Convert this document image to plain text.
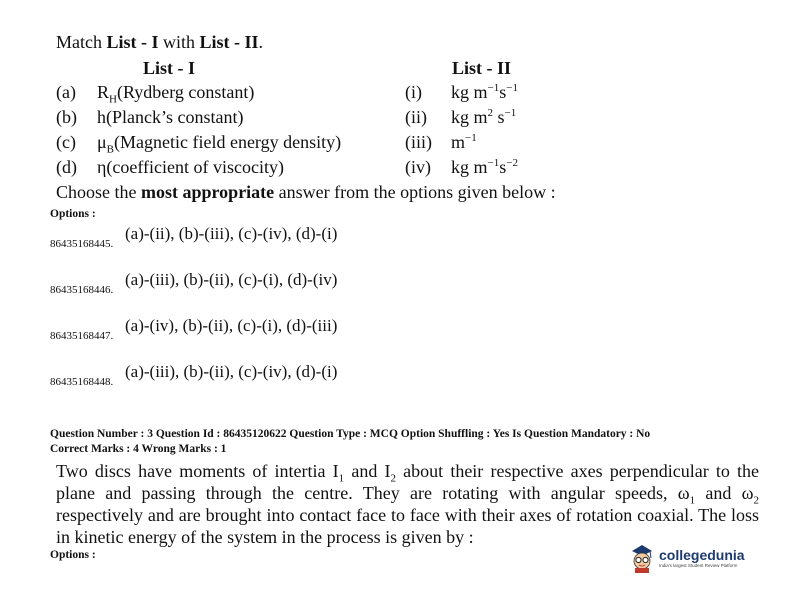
Match List - I with List - II.
List - I	List - II
(a) $R_H(Rydberg$ constant)	(i) kg $m^{-1}s^{-1}$
(b) h(Planck’s constant)	(ii) kg $m^2$ $s^{-1}$
(c) $\mu_B(Magnetic$ field energy density)	(iii) $m^{-1}$
(d) η(coefficient of viscocity)	(iv) kg $m^{-1}s^{-2}$
Choose the most appropriate answer from the options given below :
Options :
86435168445.
(a)-(ii), (b)-(iii), (c)-(iv), (d)-(i)
86435168446.
(a)-(iii), (b)-(ii), (c)-(i), (d)-(iv)
86435168447.
(a)-(iv), (b)-(ii), (c)-(i), (d)-(iii)
86435168448.
(a)-(iii), (b)-(ii), (c)-(iv), (d)-(i)
Question Number : 3 Question Id : 86435120622 Question Type : MCQ Option Shuffling : Yes Is Question Mandatory : No
Correct Marks : 4 Wrong Marks : 1
Two discs have moments of intertia $I_1$ and $I_2$ about their respective axes perpendicular to the plane and passing through the centre. They are rotating with angular speeds, $\omega_1$ and $\omega_2$ respectively and are brought into contact face to face with their axes of rotation coaxial. The loss in kinetic energy of the system in the process is given by :
Options :	collegedunia
India's largest Student Review Platform
